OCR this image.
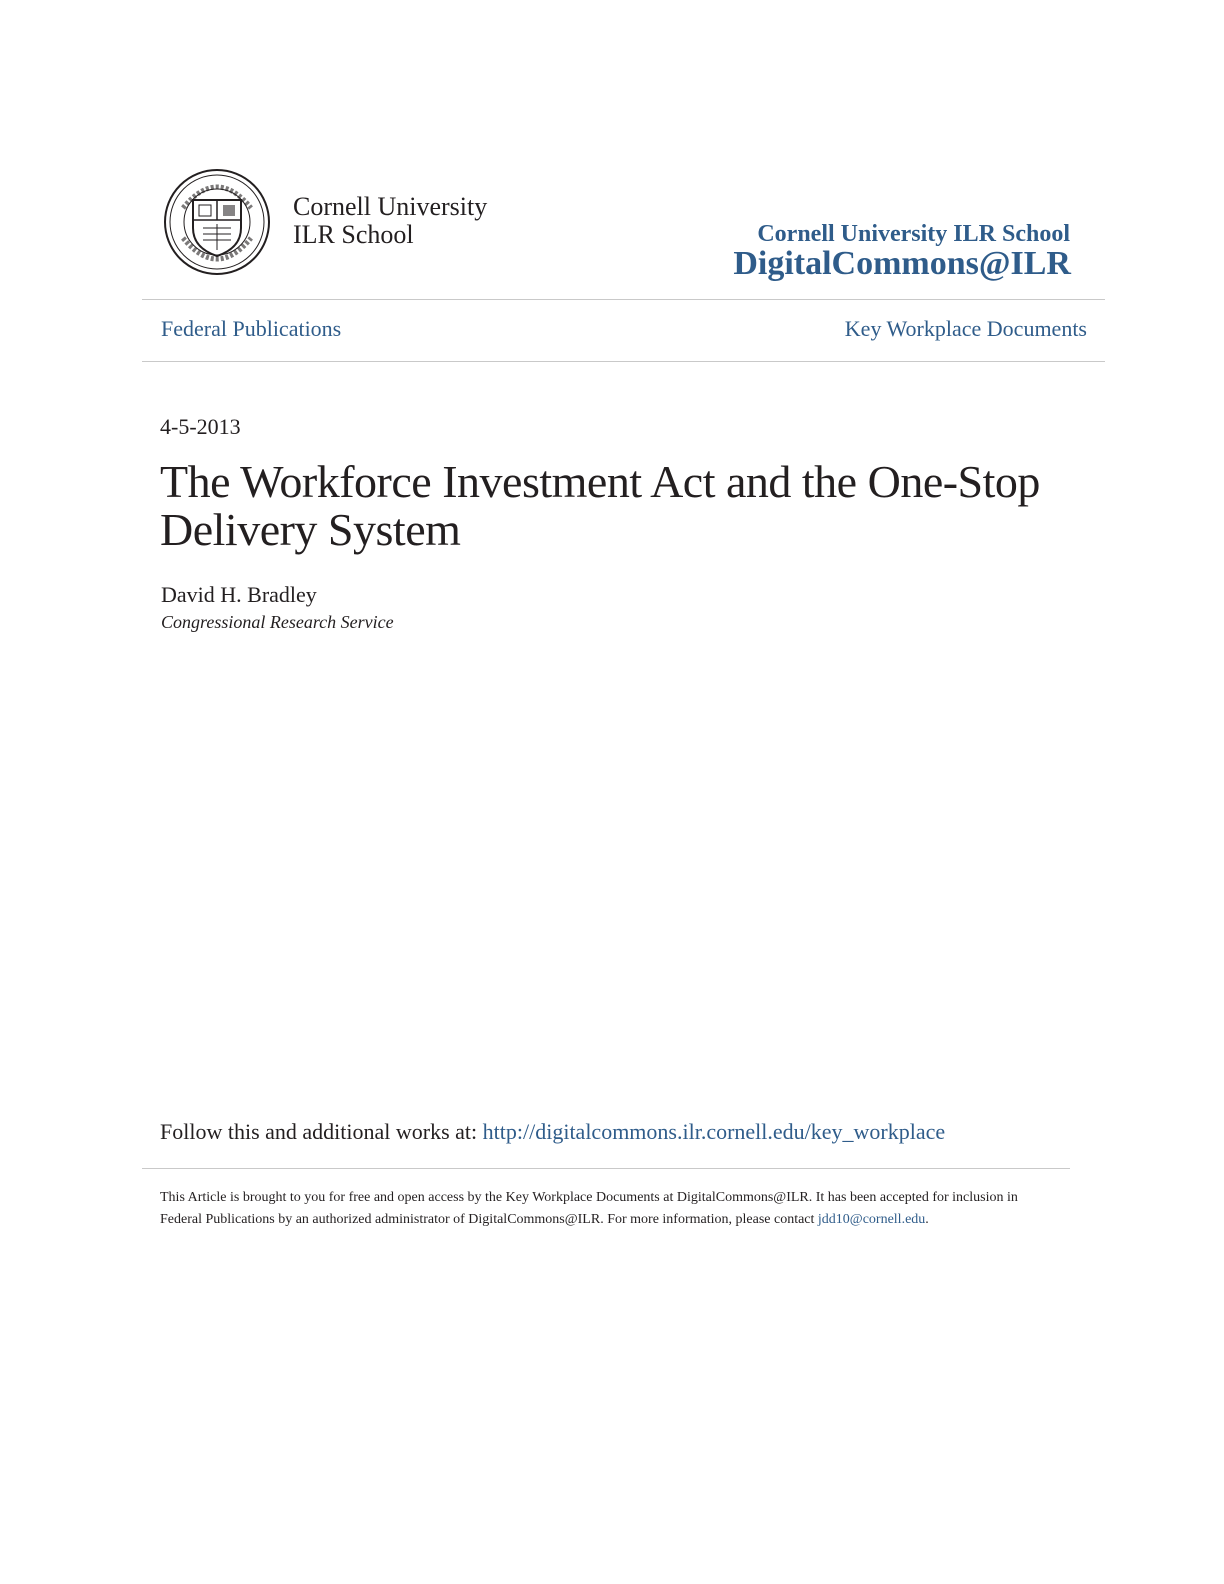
Cornell University
ILR School	Cornell University ILR School
DigitalCommons@ILR
Federal Publications	Key Workplace Documents
4-5-2013
The Workforce Investment Act and the One-Stop Delivery System
David H. Bradley
Congressional Research Service
Follow this and additional works at: http://digitalcommons.ilr.cornell.edu/key_workplace
This Article is brought to you for free and open access by the Key Workplace Documents at DigitalCommons@ILR. It has been accepted for inclusion in Federal Publications by an authorized administrator of DigitalCommons@ILR. For more information, please contact jdd10@cornell.edu.
